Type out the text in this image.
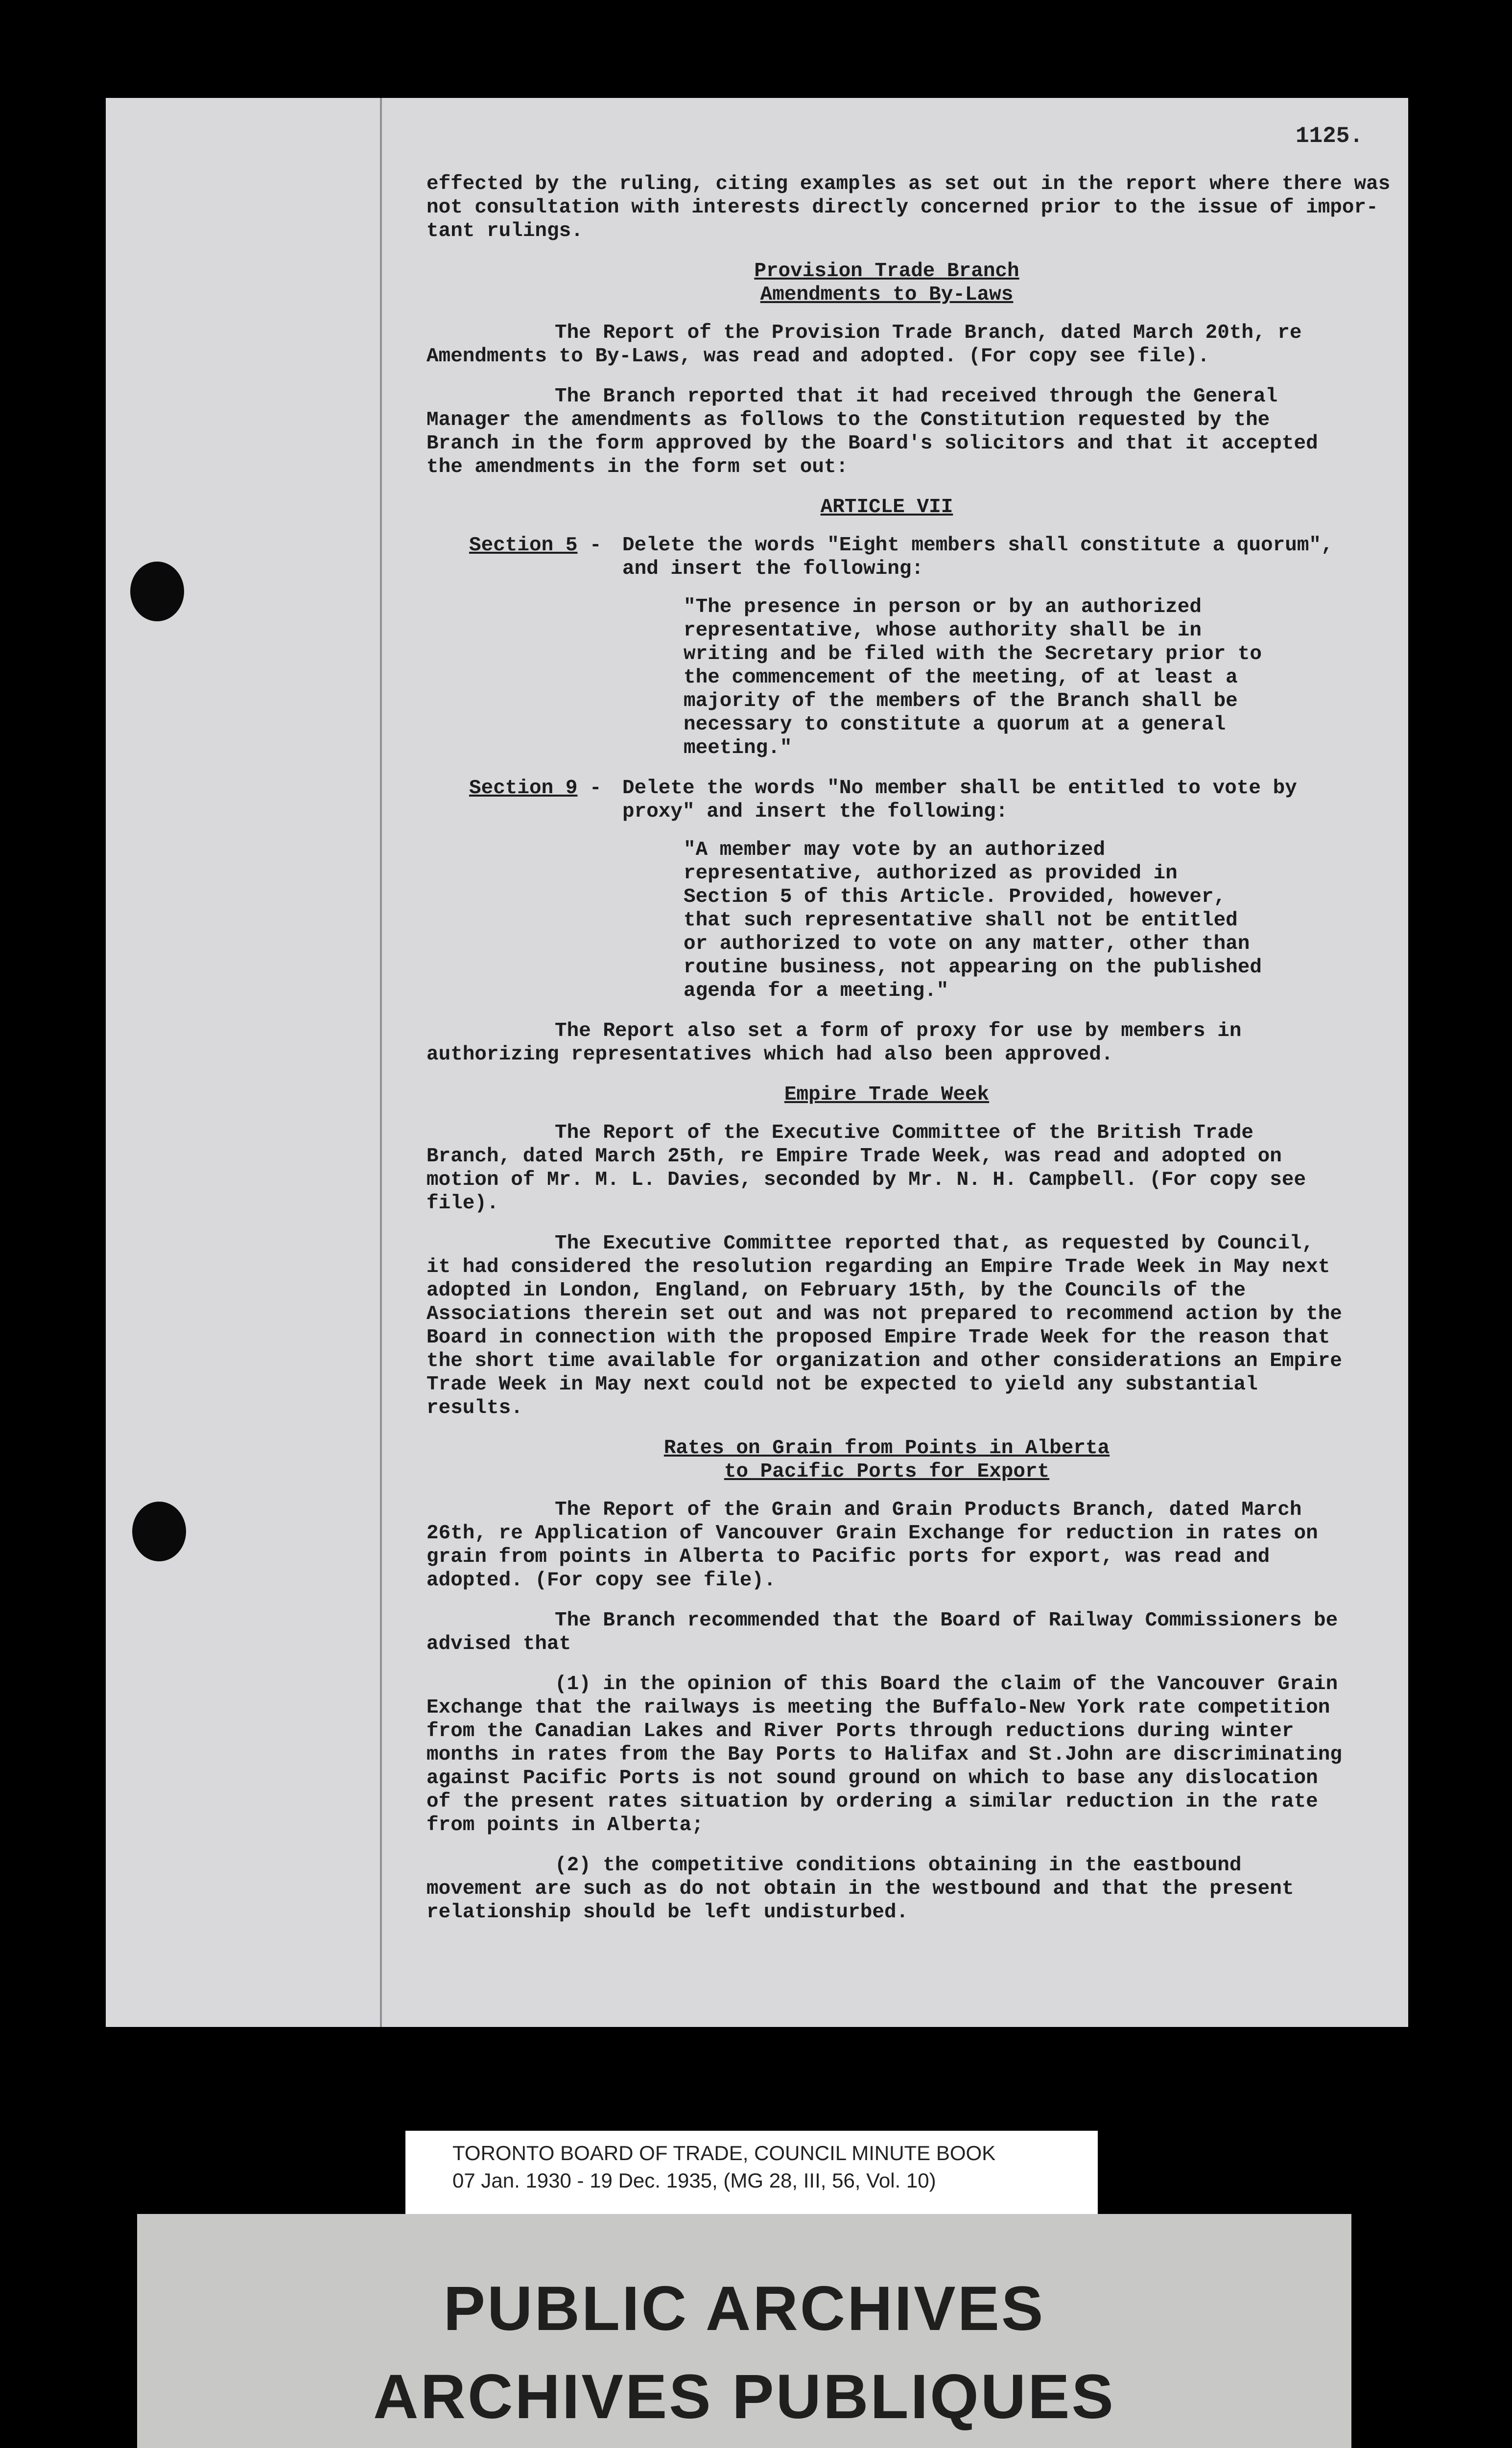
1125.

effected by the ruling, citing examples as set out in the report where there was
not consultation with interests directly concerned prior to the issue of impor-
tant rulings.

Provision Trade Branch
Amendments to By-Laws

The Report of the Provision Trade Branch, dated March 20th, re Amendments to By-Laws, was read and adopted. (For copy see file).

The Branch reported that it had received through the General Manager the amendments as follows to the Constitution requested by the Branch in the form approved by the Board's solicitors and that it accepted the amendments in the form set out:

ARTICLE VII
Section 5 -	Delete the words "Eight members shall constitute a quorum", and insert the following:

"The presence in person or by an authorized representative, whose authority shall be in writing and be filed with the Secretary prior to the commencement of the meeting, of at least a majority of the members of the Branch shall be necessary to constitute a quorum at a general meeting."

Section 9 -	Delete the words "No member shall be entitled to vote by proxy" and insert the following:

"A member may vote by an authorized representative, authorized as provided in Section 5 of this Article. Provided, however, that such representative shall not be entitled or authorized to vote on any matter, other than routine business, not appearing on the published agenda for a meeting."

The Report also set a form of proxy for use by members in authorizing representatives which had also been approved.

Empire Trade Week

The Report of the Executive Committee of the British Trade Branch, dated March 25th, re Empire Trade Week, was read and adopted on motion of Mr. M. L. Davies, seconded by Mr. N. H. Campbell. (For copy see file).

The Executive Committee reported that, as requested by Council, it had considered the resolution regarding an Empire Trade Week in May next adopted in London, England, on February 15th, by the Councils of the Associations therein set out and was not prepared to recommend action by the Board in connection with the proposed Empire Trade Week for the reason that the short time available for organization and other considerations an Empire Trade Week in May next could not be expected to yield any substantial results.

Rates on Grain from Points in Alberta
to Pacific Ports for Export

The Report of the Grain and Grain Products Branch, dated March 26th, re Application of Vancouver Grain Exchange for reduction in rates on grain from points in Alberta to Pacific ports for export, was read and adopted. (For copy see file).

The Branch recommended that the Board of Railway Commissioners be advised that

(1) in the opinion of this Board the claim of the Vancouver Grain Exchange that the railways is meeting the Buffalo-New York rate competition from the Canadian Lakes and River Ports through reductions during winter months in rates from the Bay Ports to Halifax and St.John are discriminating against Pacific Ports is not sound ground on which to base any dislocation of the present rates situation by ordering a similar reduction in the rate from points in Alberta;

(2) the competitive conditions obtaining in the eastbound movement are such as do not obtain in the westbound and that the present relationship should be left undisturbed.

TORONTO BOARD OF TRADE, COUNCIL MINUTE BOOK
07 Jan. 1930 - 19 Dec. 1935, (MG 28, III, 56, Vol. 10)
PUBLIC ARCHIVES
ARCHIVES PUBLIQUES
